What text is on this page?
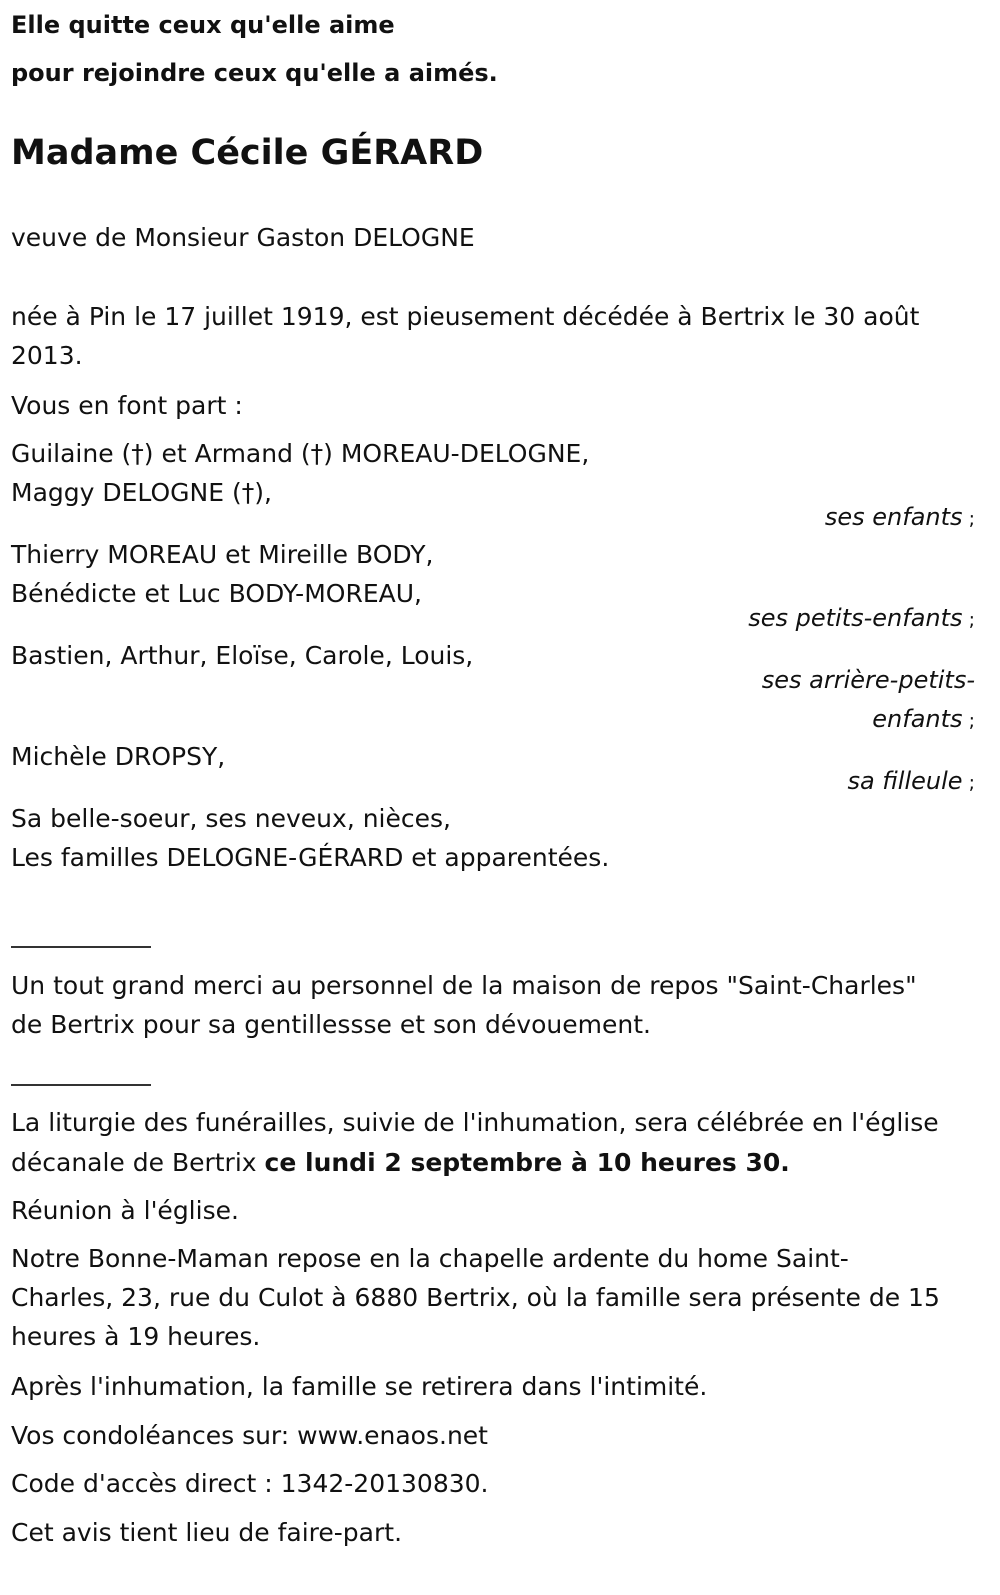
Elle quitte ceux qu'elle aime
pour rejoindre ceux qu'elle a aimés.
Madame Cécile GÉRARD
veuve de Monsieur Gaston DELOGNE
née à Pin le 17 juillet 1919, est pieusement décédée à Bertrix le 30 août
2013.
Vous en font part :
Guilaine (†) et Armand (†) MOREAU-DELOGNE,
Maggy DELOGNE (†),
ses enfants ;
Thierry MOREAU et Mireille BODY,
Bénédicte et Luc BODY-MOREAU,
ses petits-enfants ;
Bastien, Arthur, Eloïse, Carole, Louis,
ses arrière-petits-
enfants ;
Michèle DROPSY,
sa filleule ;
Sa belle-soeur, ses neveux, nièces,
Les familles DELOGNE-GÉRARD et apparentées.
Un tout grand merci au personnel de la maison de repos "Saint-Charles"
de Bertrix pour sa gentillessse et son dévouement.
La liturgie des funérailles, suivie de l'inhumation, sera célébrée en l'église
décanale de Bertrix ce lundi 2 septembre à 10 heures 30.
Réunion à l'église.
Notre Bonne-Maman repose en la chapelle ardente du home Saint-
Charles, 23, rue du Culot à 6880 Bertrix, où la famille sera présente de 15
heures à 19 heures.
Après l'inhumation, la famille se retirera dans l'intimité.
Vos condoléances sur: www.enaos.net
Code d'accès direct : 1342-20130830.
Cet avis tient lieu de faire-part.
